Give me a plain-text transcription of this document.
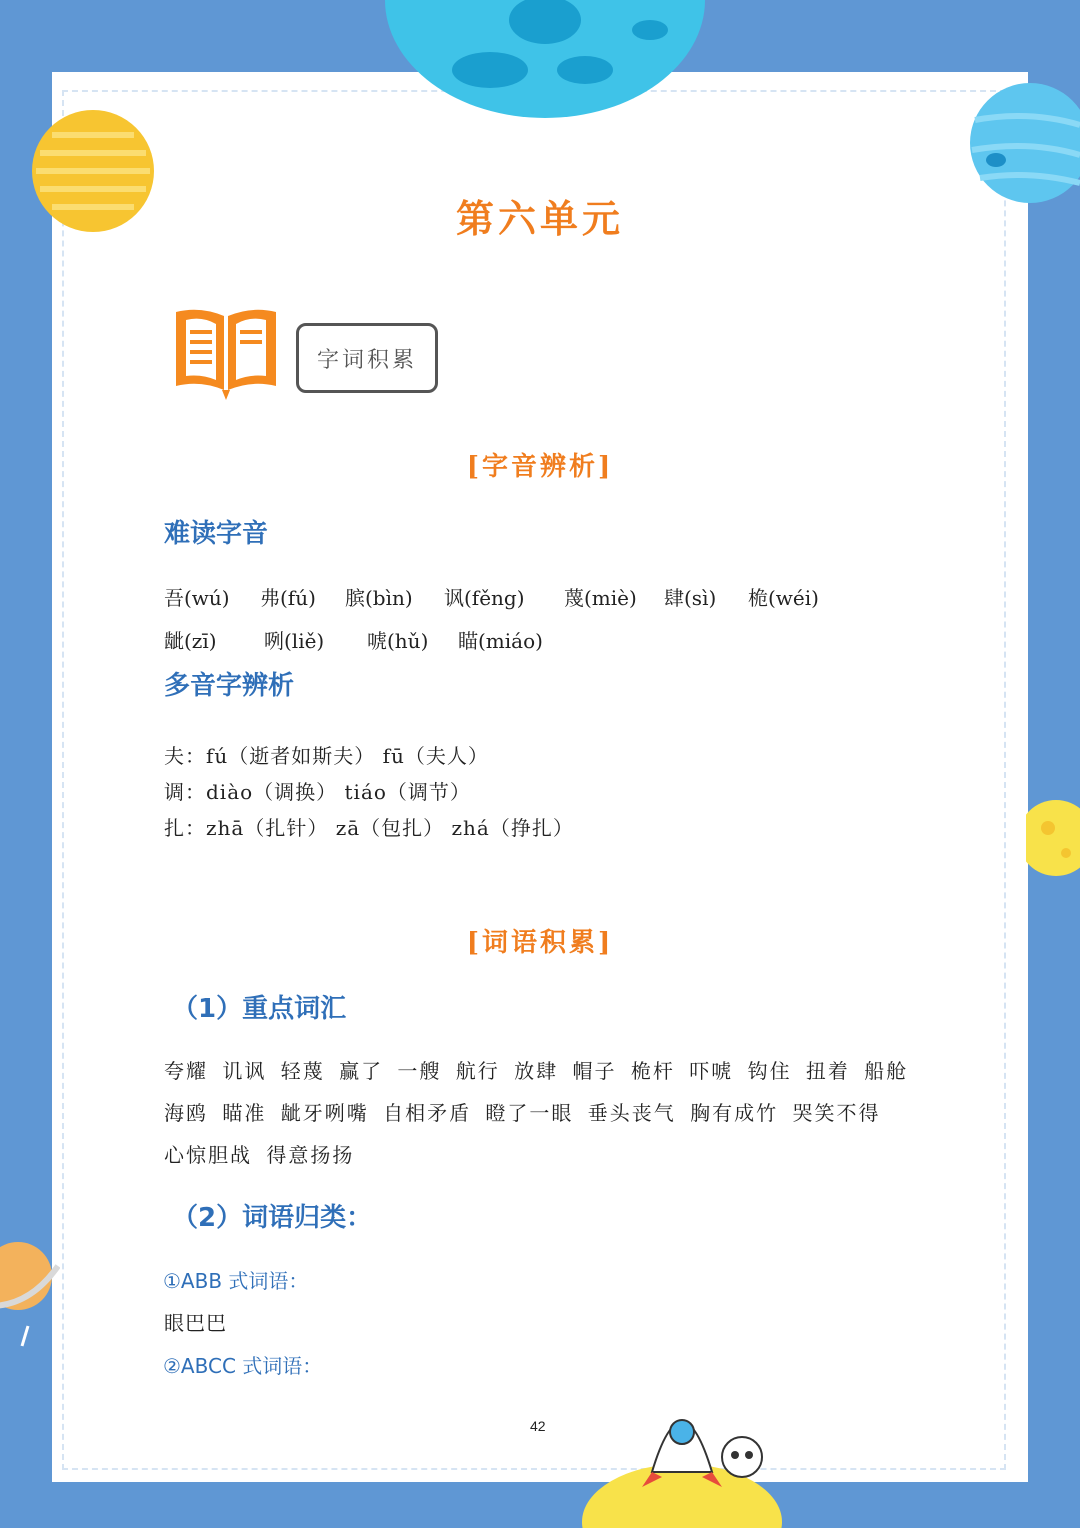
第六单元
字词积累
[字音辨析]
难读字音
吾(wú) 弗(fú) 膑(bìn) 讽(fěng) 蔑(miè) 肆(sì) 桅(wéi)
龇(zī) 咧(liě) 唬(hǔ) 瞄(miáo)
多音字辨析
夫：fú（逝者如斯夫） fū（夫人）
调：diào（调换） tiáo（调节）
扎：zhā（扎针） zā（包扎） zhá（挣扎）
[词语积累]
（1）重点词汇
夸耀 讥讽 轻蔑 赢了 一艘 航行 放肆 帽子 桅杆 吓唬 钩住 扭着 船舱 海鸥 瞄准 龇牙咧嘴 自相矛盾 瞪了一眼 垂头丧气 胸有成竹 哭笑不得 心惊胆战 得意扬扬
（2）词语归类：
①ABB 式词语：
眼巴巴
②ABCC 式词语：
42
